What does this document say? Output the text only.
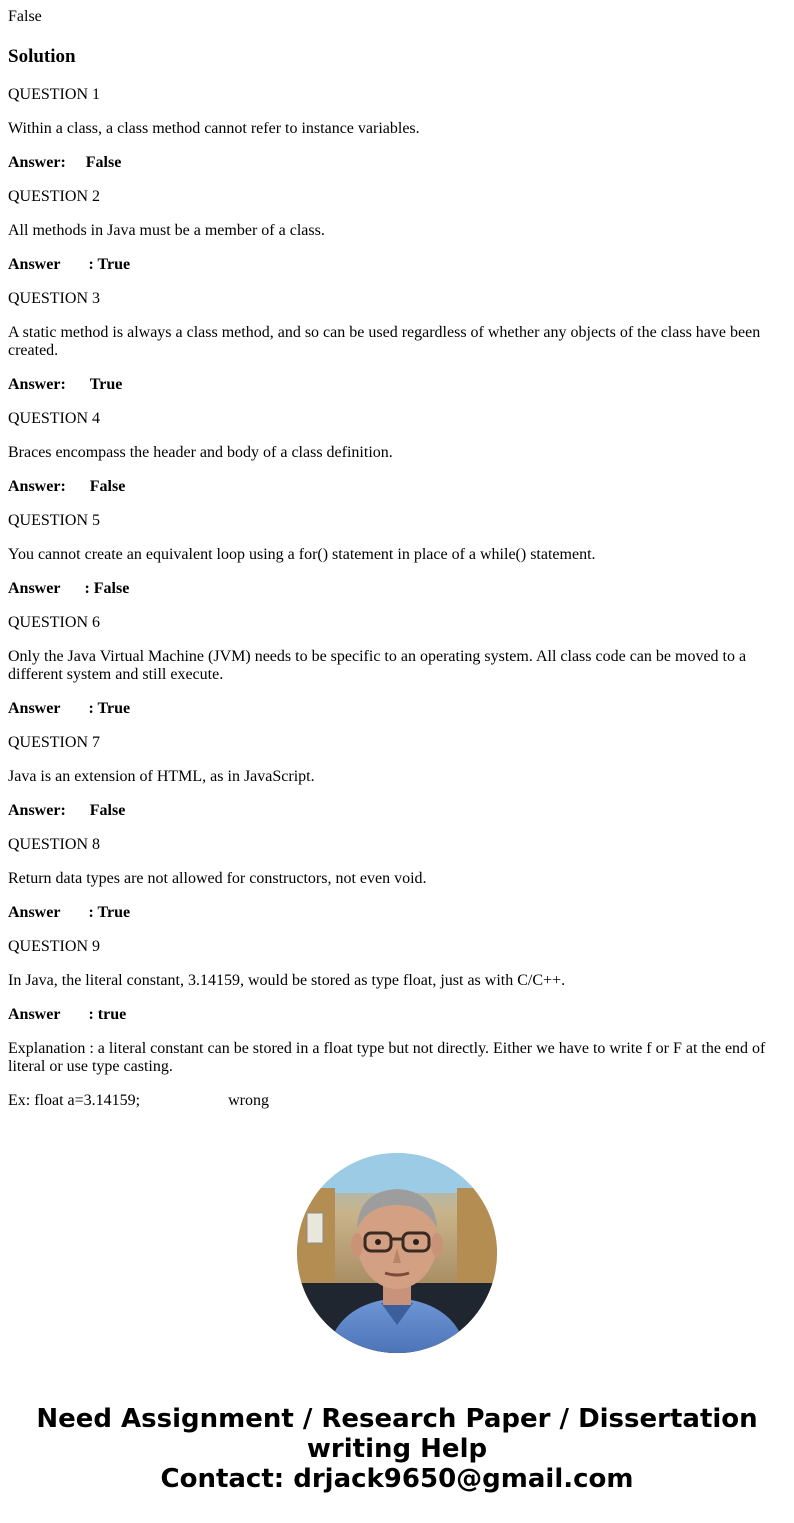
False

Solution

QUESTION 1

Within a class, a class method cannot refer to instance variables.

Answer: False

QUESTION 2

All methods in Java must be a member of a class.

Answer : True

QUESTION 3

A static method is always a class method, and so can be used regardless of whether any objects of the class have been created.

Answer: True

QUESTION 4

Braces encompass the header and body of a class definition.

Answer: False

QUESTION 5

You cannot create an equivalent loop using a for() statement in place of a while() statement.

Answer : False

QUESTION 6

Only the Java Virtual Machine (JVM) needs to be specific to an operating system. All class code can be moved to a different system and still execute.

Answer : True

QUESTION 7

Java is an extension of HTML, as in JavaScript.

Answer: False

QUESTION 8

Return data types are not allowed for constructors, not even void.

Answer : True

QUESTION 9

In Java, the literal constant, 3.14159, would be stored as type float, just as with C/C++.

Answer : true

Explanation : a literal constant can be stored in a float type but not directly. Either we have to write f or F at the end of literal or use type casting.

Ex: float a=3.14159;	wrong

Need Assignment / Research Paper / Dissertation
writing Help
Contact: drjack9650@gmail.com
